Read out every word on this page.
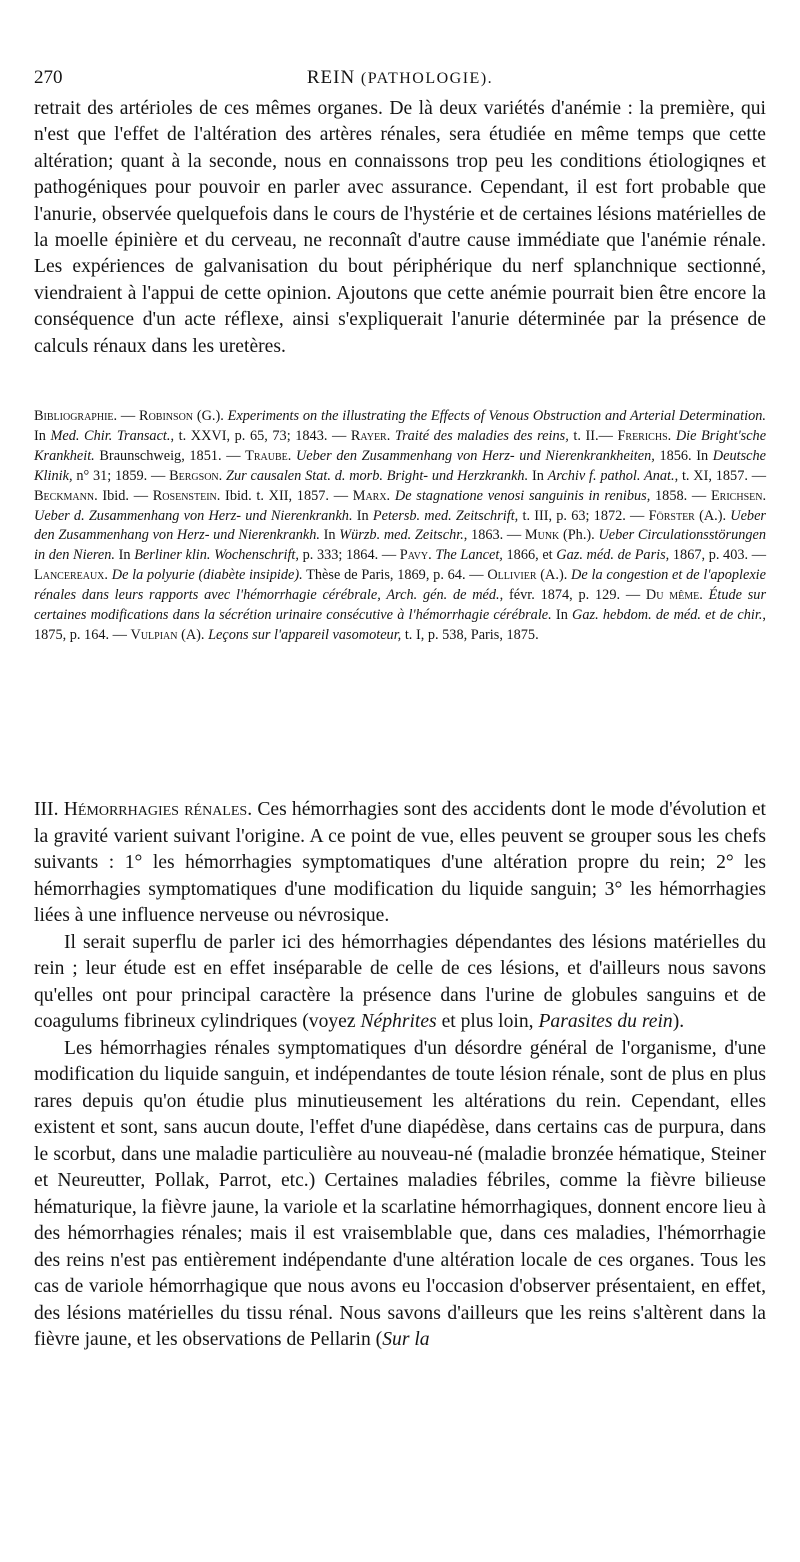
270	REIN (PATHOLOGIE).

retrait des artérioles de ces mêmes organes. De là deux variétés d'anémie : la première, qui n'est que l'effet de l'altération des artères rénales, sera étudiée en même temps que cette altération; quant à la seconde, nous en connaissons trop peu les conditions étiologiqnes et pathogéniques pour pouvoir en parler avec assurance. Cependant, il est fort probable que l'anurie, observée quelquefois dans le cours de l'hystérie et de certaines lésions matérielles de la moelle épinière et du cerveau, ne reconnaît d'autre cause immédiate que l'anémie rénale. Les expériences de galvanisation du bout périphérique du nerf splanchnique sectionné, viendraient à l'appui de cette opinion. Ajoutons que cette anémie pourrait bien être encore la conséquence d'un acte réflexe, ainsi s'expliquerait l'anurie déterminée par la présence de calculs rénaux dans les uretères.

Bibliographie. — Robinson (G.). Experiments on the illustrating the Effects of Venous Obstruction and Arterial Determination. In Med. Chir. Transact., t. XXVI, p. 65, 73; 1843. — Rayer. Traité des maladies des reins, t. II.— Frerichs. Die Bright'sche Krankheit. Braunschweig, 1851. — Traube. Ueber den Zusammenhang von Herz- und Nierenkrankheiten, 1856. In Deutsche Klinik, n° 31; 1859. — Bergson. Zur causalen Stat. d. morb. Bright- und Herzkrankh. In Archiv f. pathol. Anat., t. XI, 1857. — Beckmann. Ibid. — Rosenstein. Ibid. t. XII, 1857. — Marx. De stagnatione venosi sanguinis in renibus, 1858. — Erichsen. Ueber d. Zusammenhang von Herz- und Nierenkrankh. In Petersb. med. Zeitschrift, t. III, p. 63; 1872. — Förster (A.). Ueber den Zusammenhang von Herz- und Nierenkrankh. In Würzb. med. Zeitschr., 1863. — Munk (Ph.). Ueber Circulationsstörungen in den Nieren. In Berliner klin. Wochenschrift, p. 333; 1864. — Pavy. The Lancet, 1866, et Gaz. méd. de Paris, 1867, p. 403. — Lancereaux. De la polyurie (diabète insipide). Thèse de Paris, 1869, p. 64. — Ollivier (A.). De la congestion et de l'apoplexie rénales dans leurs rapports avec l'hémorrhagie cérébrale, Arch. gén. de méd., févr. 1874, p. 129. — Du même. Étude sur certaines modifications dans la sécrétion urinaire consécutive à l'hémorrhagie cérébrale. In Gaz. hebdom. de méd. et de chir., 1875, p. 164. — Vulpian (A). Leçons sur l'appareil vasomoteur, t. I, p. 538, Paris, 1875.

III. Hémorrhagies rénales. Ces hémorrhagies sont des accidents dont le mode d'évolution et la gravité varient suivant l'origine. A ce point de vue, elles peuvent se grouper sous les chefs suivants : 1° les hémorrhagies symptomatiques d'une altération propre du rein; 2° les hémorrhagies symptomatiques d'une modification du liquide sanguin; 3° les hémorrhagies liées à une influence nerveuse ou névrosique.

Il serait superflu de parler ici des hémorrhagies dépendantes des lésions matérielles du rein ; leur étude est en effet inséparable de celle de ces lésions, et d'ailleurs nous savons qu'elles ont pour principal caractère la présence dans l'urine de globules sanguins et de coagulums fibrineux cylindriques (voyez Néphrites et plus loin, Parasites du rein).

Les hémorrhagies rénales symptomatiques d'un désordre général de l'organisme, d'une modification du liquide sanguin, et indépendantes de toute lésion rénale, sont de plus en plus rares depuis qu'on étudie plus minutieusement les altérations du rein. Cependant, elles existent et sont, sans aucun doute, l'effet d'une diapédèse, dans certains cas de purpura, dans le scorbut, dans une maladie particulière au nouveau-né (maladie bronzée hématique, Steiner et Neureutter, Pollak, Parrot, etc.) Certaines maladies fébriles, comme la fièvre bilieuse hématurique, la fièvre jaune, la variole et la scarlatine hémorrhagiques, donnent encore lieu à des hémorrhagies rénales; mais il est vraisemblable que, dans ces maladies, l'hémorrhagie des reins n'est pas entièrement indépendante d'une altération locale de ces organes. Tous les cas de variole hémorrhagique que nous avons eu l'occasion d'observer présentaient, en effet, des lésions matérielles du tissu rénal. Nous savons d'ailleurs que les reins s'altèrent dans la fièvre jaune, et les observations de Pellarin (Sur la
